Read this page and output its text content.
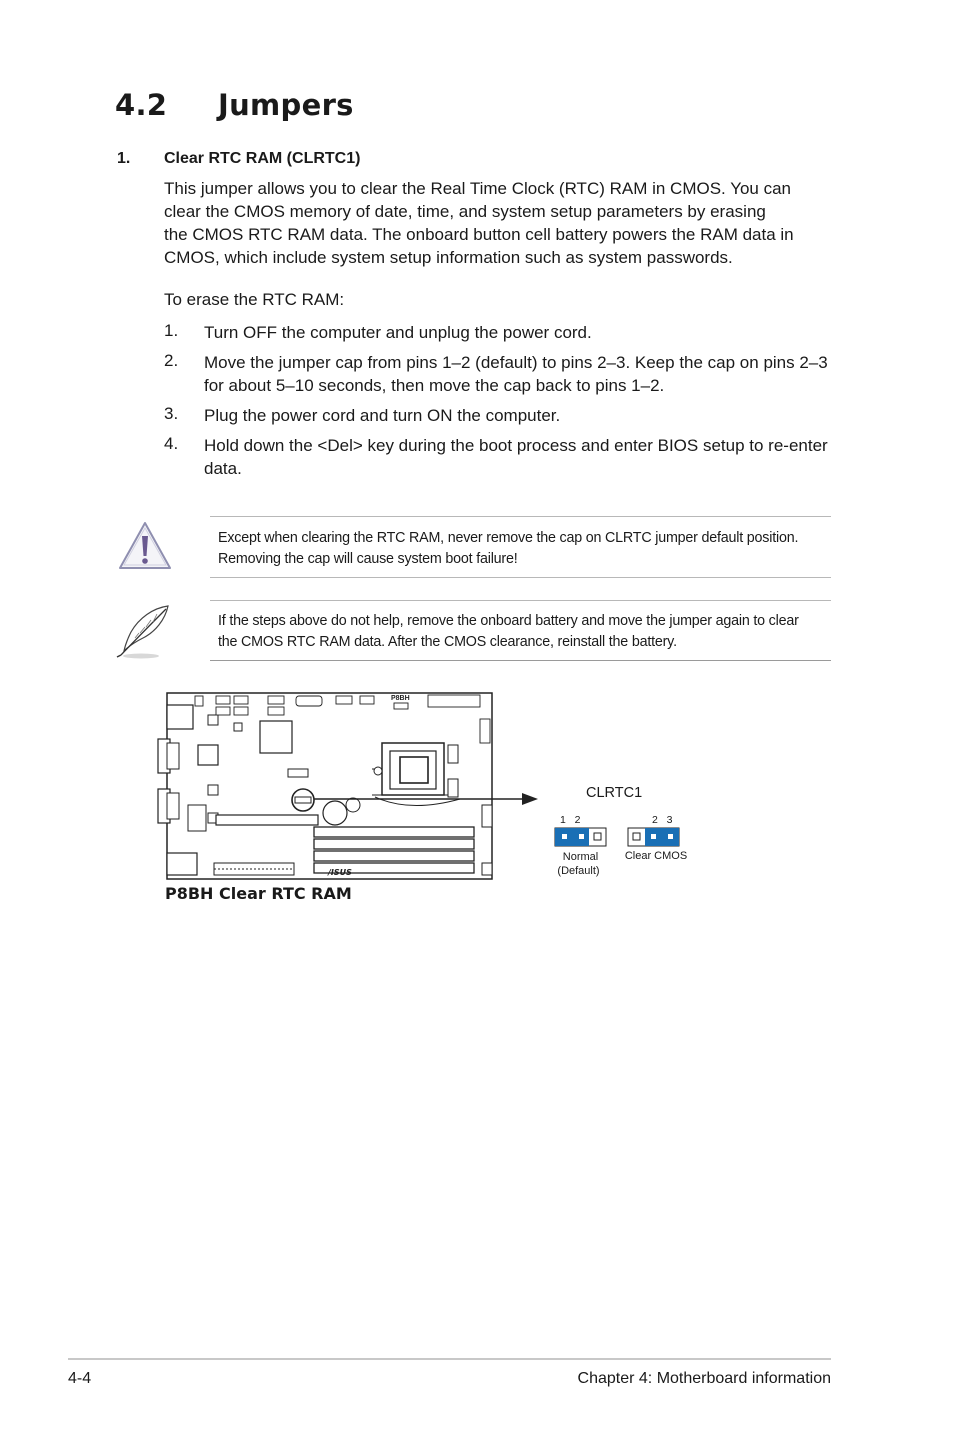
4.2 Jumpers
1. Clear RTC RAM (CLRTC1)
This jumper allows you to clear the Real Time Clock (RTC) RAM in CMOS. You can
clear the CMOS memory of date, time, and system setup parameters by erasing
the CMOS RTC RAM data. The onboard button cell battery powers the RAM data in
CMOS, which include system setup information such as system passwords.
To erase the RTC RAM:
1. Turn OFF the computer and unplug the power cord.
2. Move the jumper cap from pins 1–2 (default) to pins 2–3. Keep the cap on pins 2–3
for about 5–10 seconds, then move the cap back to pins 1–2.
3. Plug the power cord and turn ON the computer.
4. Hold down the <Del> key during the boot process and enter BIOS setup to re-enter
data.
Except when clearing the RTC RAM, never remove the cap on CLRTC jumper default position.
Removing the cap will cause system boot failure!
If the steps above do not help, remove the onboard battery and move the jumper again to clear
the CMOS RTC RAM data. After the CMOS clearance, reinstall the battery.
P8BH
/ISUS
CLRTC1
1   2
Normal
(Default)
2   3
Clear CMOS
P8BH Clear RTC RAM
4-4	Chapter 4: Motherboard information
